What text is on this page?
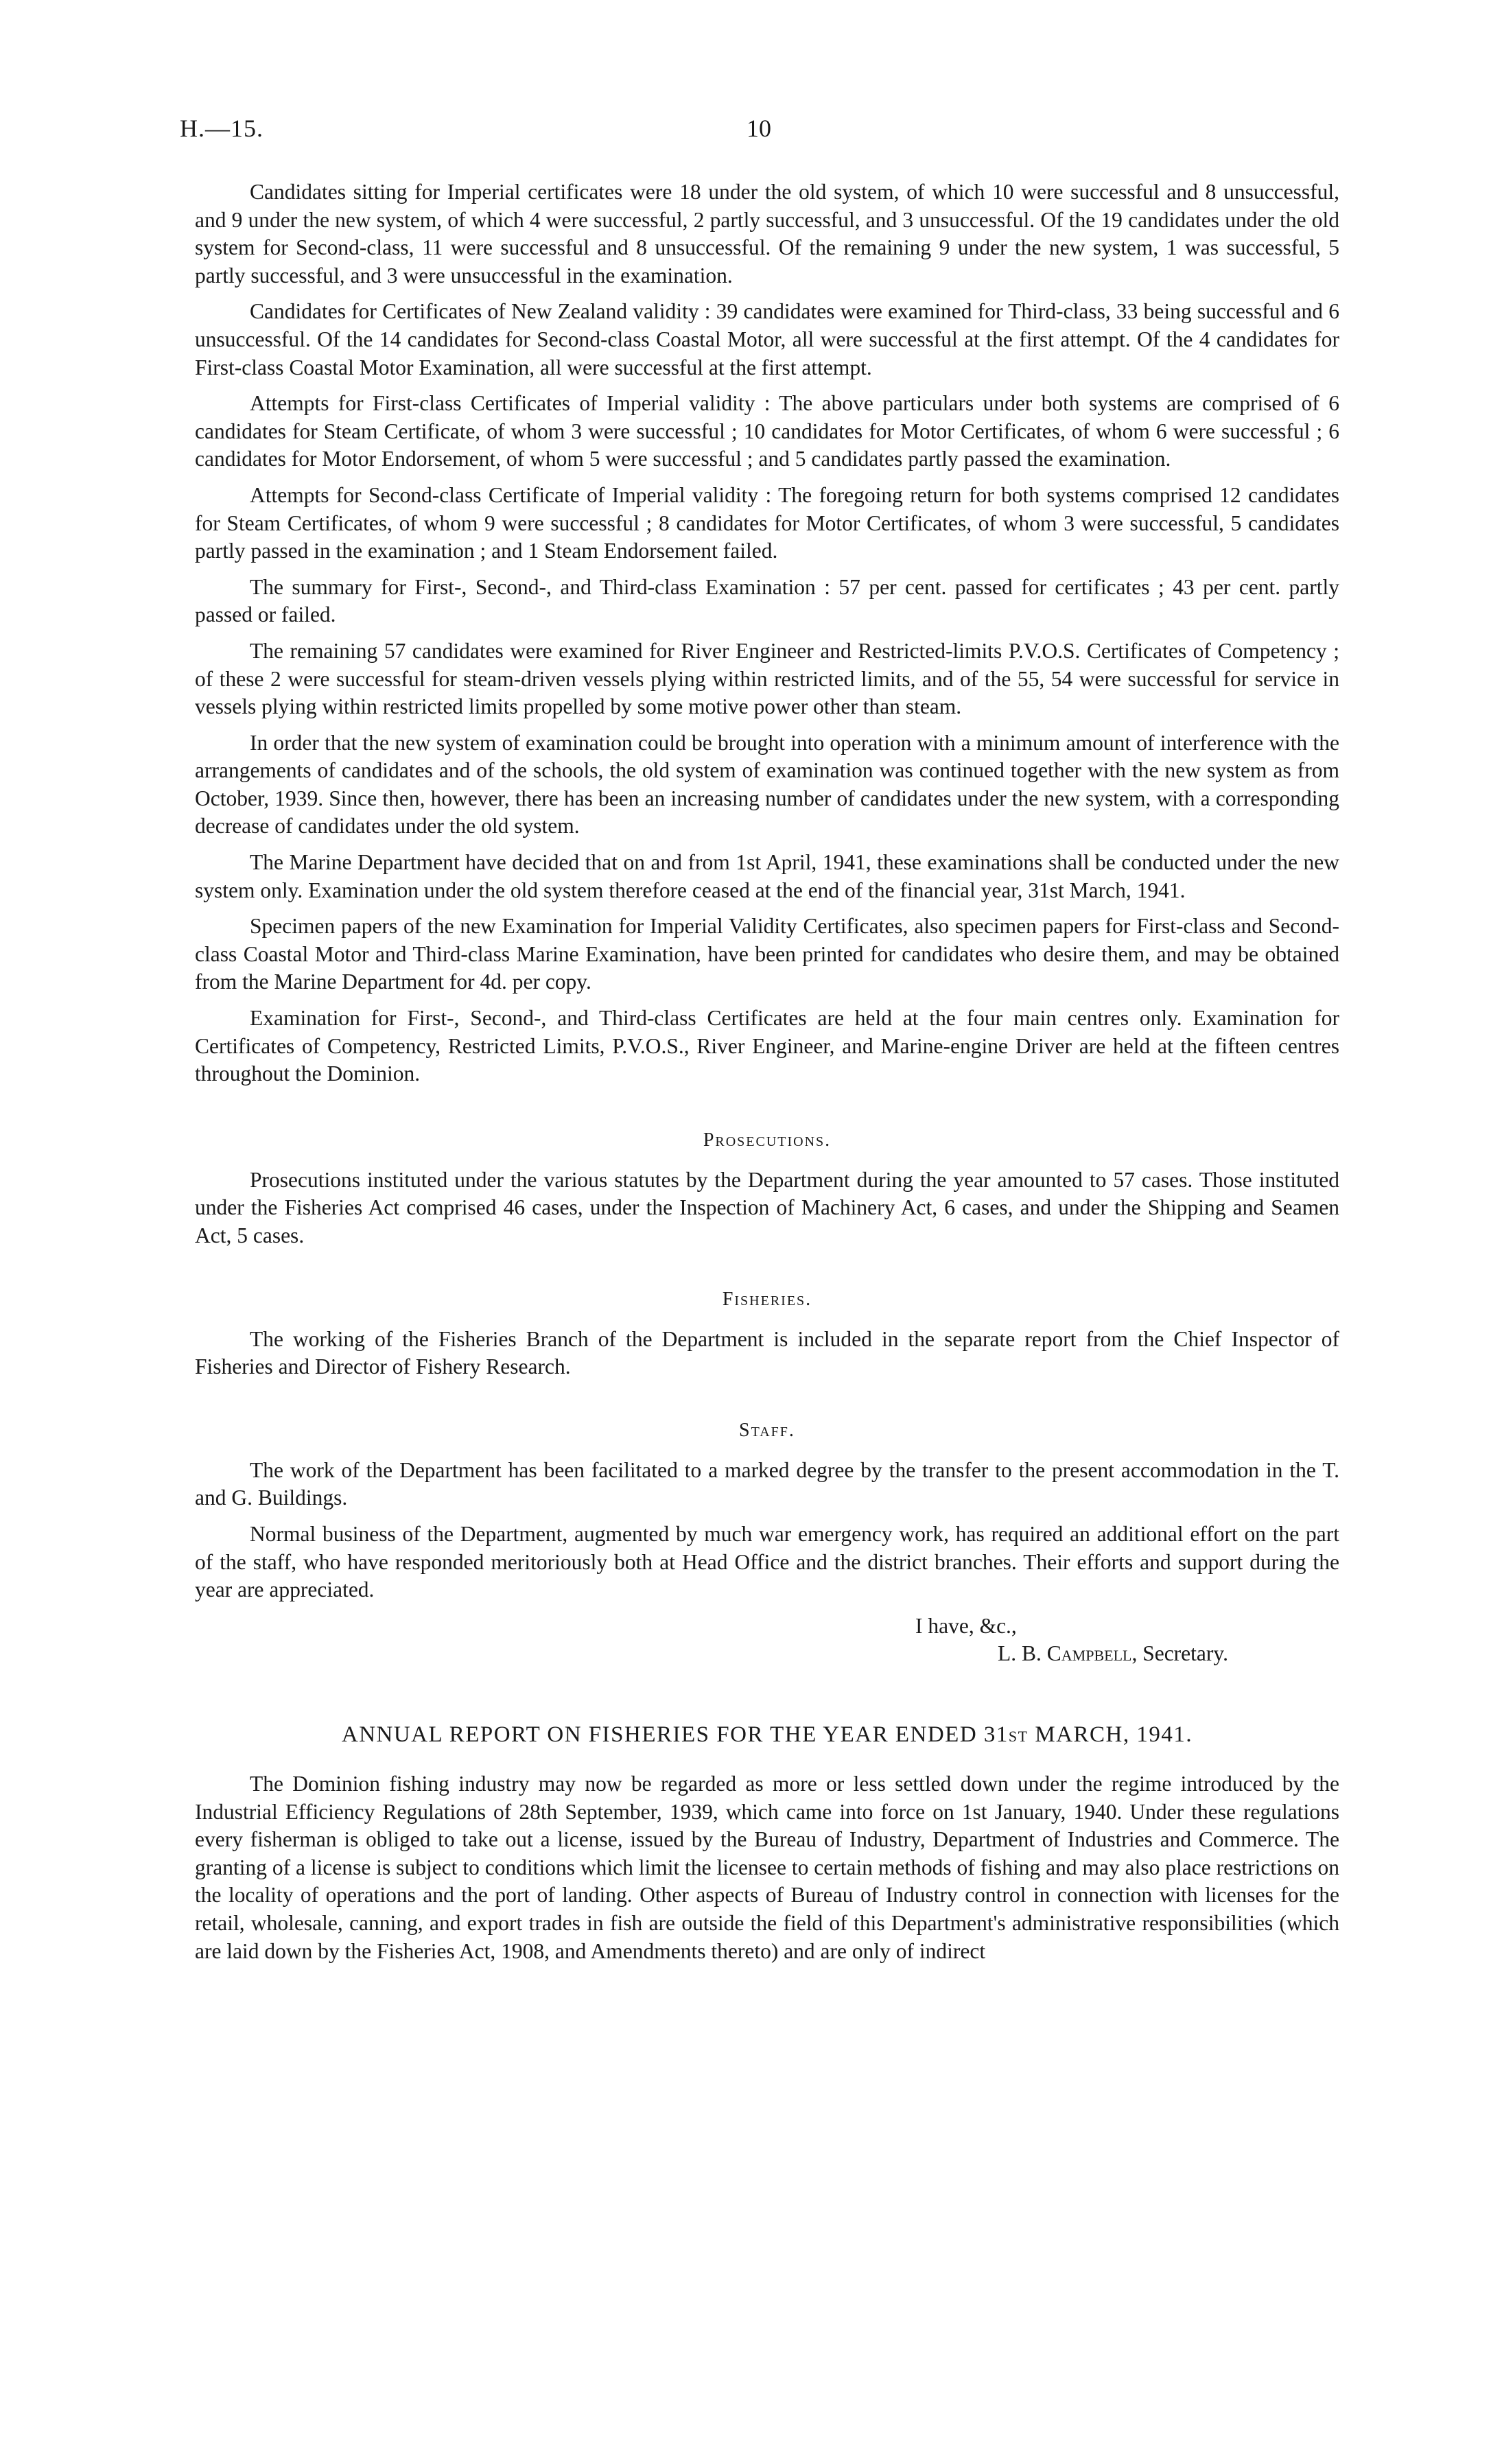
H.—15.	10

Candidates sitting for Imperial certificates were 18 under the old system, of which 10 were successful and 8 unsuccessful, and 9 under the new system, of which 4 were successful, 2 partly successful, and 3 unsuccessful. Of the 19 candidates under the old system for Second-class, 11 were successful and 8 unsuccessful. Of the remaining 9 under the new system, 1 was successful, 5 partly successful, and 3 were unsuccessful in the examination.

Candidates for Certificates of New Zealand validity : 39 candidates were examined for Third-class, 33 being successful and 6 unsuccessful. Of the 14 candidates for Second-class Coastal Motor, all were successful at the first attempt. Of the 4 candidates for First-class Coastal Motor Examination, all were successful at the first attempt.

Attempts for First-class Certificates of Imperial validity : The above particulars under both systems are comprised of 6 candidates for Steam Certificate, of whom 3 were successful ; 10 candidates for Motor Certificates, of whom 6 were successful ; 6 candidates for Motor Endorsement, of whom 5 were successful ; and 5 candidates partly passed the examination.

Attempts for Second-class Certificate of Imperial validity : The foregoing return for both systems comprised 12 candidates for Steam Certificates, of whom 9 were successful ; 8 candidates for Motor Certificates, of whom 3 were successful, 5 candidates partly passed in the examination ; and 1 Steam Endorsement failed.

The summary for First-, Second-, and Third-class Examination : 57 per cent. passed for certificates ; 43 per cent. partly passed or failed.

The remaining 57 candidates were examined for River Engineer and Restricted-limits P.V.O.S. Certificates of Competency ; of these 2 were successful for steam-driven vessels plying within restricted limits, and of the 55, 54 were successful for service in vessels plying within restricted limits propelled by some motive power other than steam.

In order that the new system of examination could be brought into operation with a minimum amount of interference with the arrangements of candidates and of the schools, the old system of examination was continued together with the new system as from October, 1939. Since then, however, there has been an increasing number of candidates under the new system, with a corresponding decrease of candidates under the old system.

The Marine Department have decided that on and from 1st April, 1941, these examinations shall be conducted under the new system only. Examination under the old system therefore ceased at the end of the financial year, 31st March, 1941.

Specimen papers of the new Examination for Imperial Validity Certificates, also specimen papers for First-class and Second-class Coastal Motor and Third-class Marine Examination, have been printed for candidates who desire them, and may be obtained from the Marine Department for 4d. per copy.

Examination for First-, Second-, and Third-class Certificates are held at the four main centres only. Examination for Certificates of Competency, Restricted Limits, P.V.O.S., River Engineer, and Marine-engine Driver are held at the fifteen centres throughout the Dominion.

Prosecutions.

Prosecutions instituted under the various statutes by the Department during the year amounted to 57 cases. Those instituted under the Fisheries Act comprised 46 cases, under the Inspection of Machinery Act, 6 cases, and under the Shipping and Seamen Act, 5 cases.

Fisheries.

The working of the Fisheries Branch of the Department is included in the separate report from the Chief Inspector of Fisheries and Director of Fishery Research.

Staff.

The work of the Department has been facilitated to a marked degree by the transfer to the present accommodation in the T. and G. Buildings.

Normal business of the Department, augmented by much war emergency work, has required an additional effort on the part of the staff, who have responded meritoriously both at Head Office and the district branches. Their efforts and support during the year are appreciated.

I have, &c.,
L. B. Campbell, Secretary.
ANNUAL REPORT ON FISHERIES FOR THE YEAR ENDED 31ST MARCH, 1941.

The Dominion fishing industry may now be regarded as more or less settled down under the regime introduced by the Industrial Efficiency Regulations of 28th September, 1939, which came into force on 1st January, 1940. Under these regulations every fisherman is obliged to take out a license, issued by the Bureau of Industry, Department of Industries and Commerce. The granting of a license is subject to conditions which limit the licensee to certain methods of fishing and may also place restrictions on the locality of operations and the port of landing. Other aspects of Bureau of Industry control in connection with licenses for the retail, wholesale, canning, and export trades in fish are outside the field of this Department's administrative responsibilities (which are laid down by the Fisheries Act, 1908, and Amendments thereto) and are only of indirect
